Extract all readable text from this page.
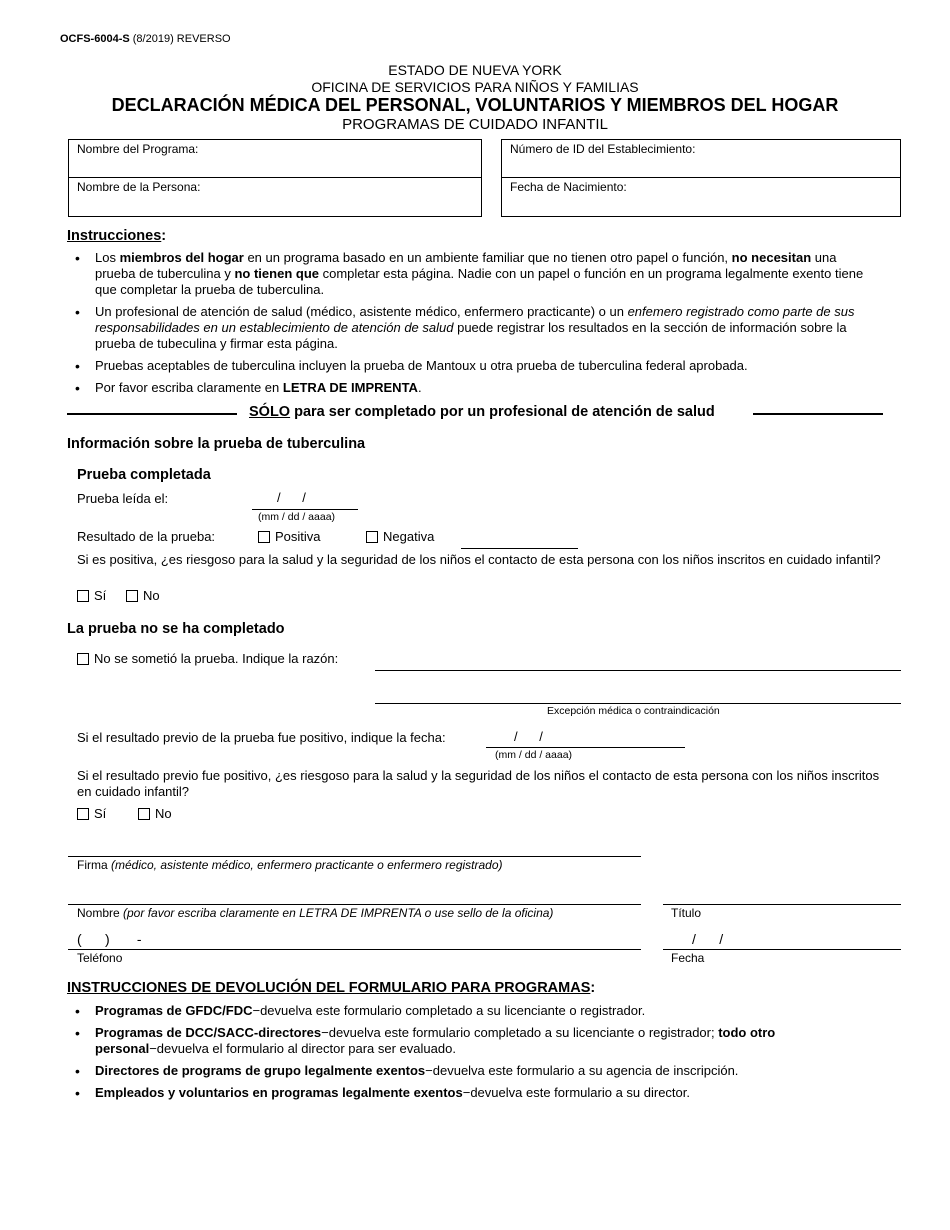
OCFS-6004-S (8/2019) REVERSO
ESTADO DE NUEVA YORK
OFICINA DE SERVICIOS PARA NIÑOS Y FAMILIAS
DECLARACIÓN MÉDICA DEL PERSONAL, VOLUNTARIOS Y MIEMBROS DEL HOGAR
PROGRAMAS DE CUIDADO INFANTIL
Nombre del Programa:
Nombre de la Persona:
Número de ID del Establecimiento:
Fecha de Nacimiento:
Instrucciones:
• Los miembros del hogar en un programa basado en un ambiente familiar que no tienen otro papel o función, no necesitan una prueba de tuberculina y no tienen que completar esta página. Nadie con un papel o función en un programa legalmente exento tiene que completar la prueba de tuberculina.
• Un profesional de atención de salud (médico, asistente médico, enfermero practicante) o un enfemero registrado como parte de sus responsabilidades en un establecimiento de atención de salud puede registrar los resultados en la sección de información sobre la prueba de tubeculina y firmar esta página.
• Pruebas aceptables de tuberculina incluyen la prueba de Mantoux u otra prueba de tuberculina federal aprobada.
• Por favor escriba claramente en LETRA DE IMPRENTA.
SÓLO para ser completado por un profesional de atención de salud
Información sobre la prueba de tuberculina
Prueba completada
Prueba leída el:	/      /
(mm / dd / aaaa)
Resultado de la prueba:	Positiva	Negativa
Si es positiva, ¿es riesgoso para la salud y la seguridad de los niños el contacto de esta persona con los niños inscritos en cuidado infantil?
Sí	No
La prueba no se ha completado
No se sometió la prueba. Indique la razón:
Excepción médica o contraindicación
Si el resultado previo de la prueba fue positivo, indique la fecha:	/      /
(mm / dd / aaaa)
Si el resultado previo fue positivo, ¿es riesgoso para la salud y la seguridad de los niños el contacto de esta persona con los niños inscritos en cuidado infantil?
Sí	No
Firma (médico, asistente médico, enfermero practicante o enfermero registrado)
Nombre (por favor escriba claramente en LETRA DE IMPRENTA o use sello de la oficina)	Título
(      )       -
Teléfono
/      /
Fecha
INSTRUCCIONES DE DEVOLUCIÓN DEL FORMULARIO PARA PROGRAMAS:
• Programas de GFDC/FDC−devuelva este formulario completado a su licenciante o registrador.
• Programas de DCC/SACC-directores−devuelva este formulario completado a su licenciante o registrador; todo otro personal−devuelva el formulario al director para ser evaluado.
• Directores de programs de grupo legalmente exentos−devuelva este formulario a su agencia de inscripción.
• Empleados y voluntarios en programas legalmente exentos−devuelva este formulario a su director.
